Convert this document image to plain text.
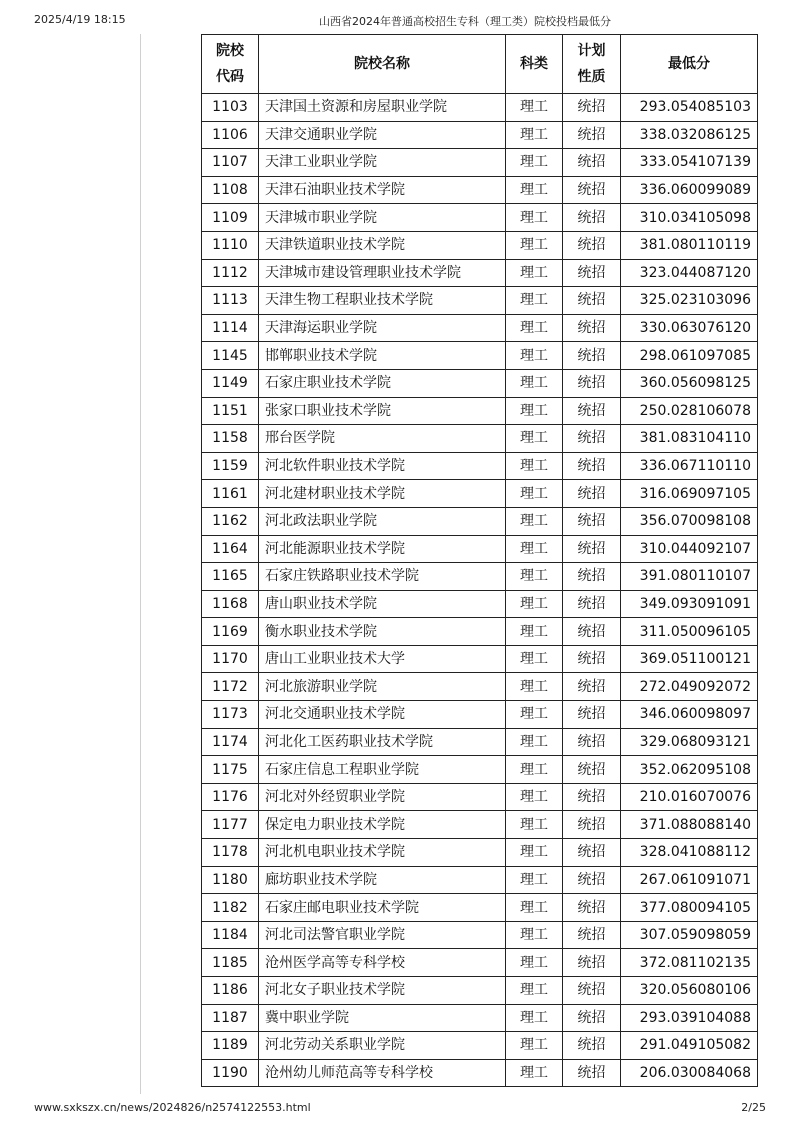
2025/4/19 18:15	山西省2024年普通高校招生专科（理工类）院校投档最低分
院校代码	院校名称	科类	计划性质	最低分
1103	天津国土资源和房屋职业学院	理工	统招	293.054085103
1106	天津交通职业学院	理工	统招	338.032086125
1107	天津工业职业学院	理工	统招	333.054107139
1108	天津石油职业技术学院	理工	统招	336.060099089
1109	天津城市职业学院	理工	统招	310.034105098
1110	天津铁道职业技术学院	理工	统招	381.080110119
1112	天津城市建设管理职业技术学院	理工	统招	323.044087120
1113	天津生物工程职业技术学院	理工	统招	325.023103096
1114	天津海运职业学院	理工	统招	330.063076120
1145	邯郸职业技术学院	理工	统招	298.061097085
1149	石家庄职业技术学院	理工	统招	360.056098125
1151	张家口职业技术学院	理工	统招	250.028106078
1158	邢台医学院	理工	统招	381.083104110
1159	河北软件职业技术学院	理工	统招	336.067110110
1161	河北建材职业技术学院	理工	统招	316.069097105
1162	河北政法职业学院	理工	统招	356.070098108
1164	河北能源职业技术学院	理工	统招	310.044092107
1165	石家庄铁路职业技术学院	理工	统招	391.080110107
1168	唐山职业技术学院	理工	统招	349.093091091
1169	衡水职业技术学院	理工	统招	311.050096105
1170	唐山工业职业技术大学	理工	统招	369.051100121
1172	河北旅游职业学院	理工	统招	272.049092072
1173	河北交通职业技术学院	理工	统招	346.060098097
1174	河北化工医药职业技术学院	理工	统招	329.068093121
1175	石家庄信息工程职业学院	理工	统招	352.062095108
1176	河北对外经贸职业学院	理工	统招	210.016070076
1177	保定电力职业技术学院	理工	统招	371.088088140
1178	河北机电职业技术学院	理工	统招	328.041088112
1180	廊坊职业技术学院	理工	统招	267.061091071
1182	石家庄邮电职业技术学院	理工	统招	377.080094105
1184	河北司法警官职业学院	理工	统招	307.059098059
1185	沧州医学高等专科学校	理工	统招	372.081102135
1186	河北女子职业技术学院	理工	统招	320.056080106
1187	冀中职业学院	理工	统招	293.039104088
1189	河北劳动关系职业学院	理工	统招	291.049105082
1190	沧州幼儿师范高等专科学校	理工	统招	206.030084068
www.sxkszx.cn/news/2024826/n2574122553.html	2/25
